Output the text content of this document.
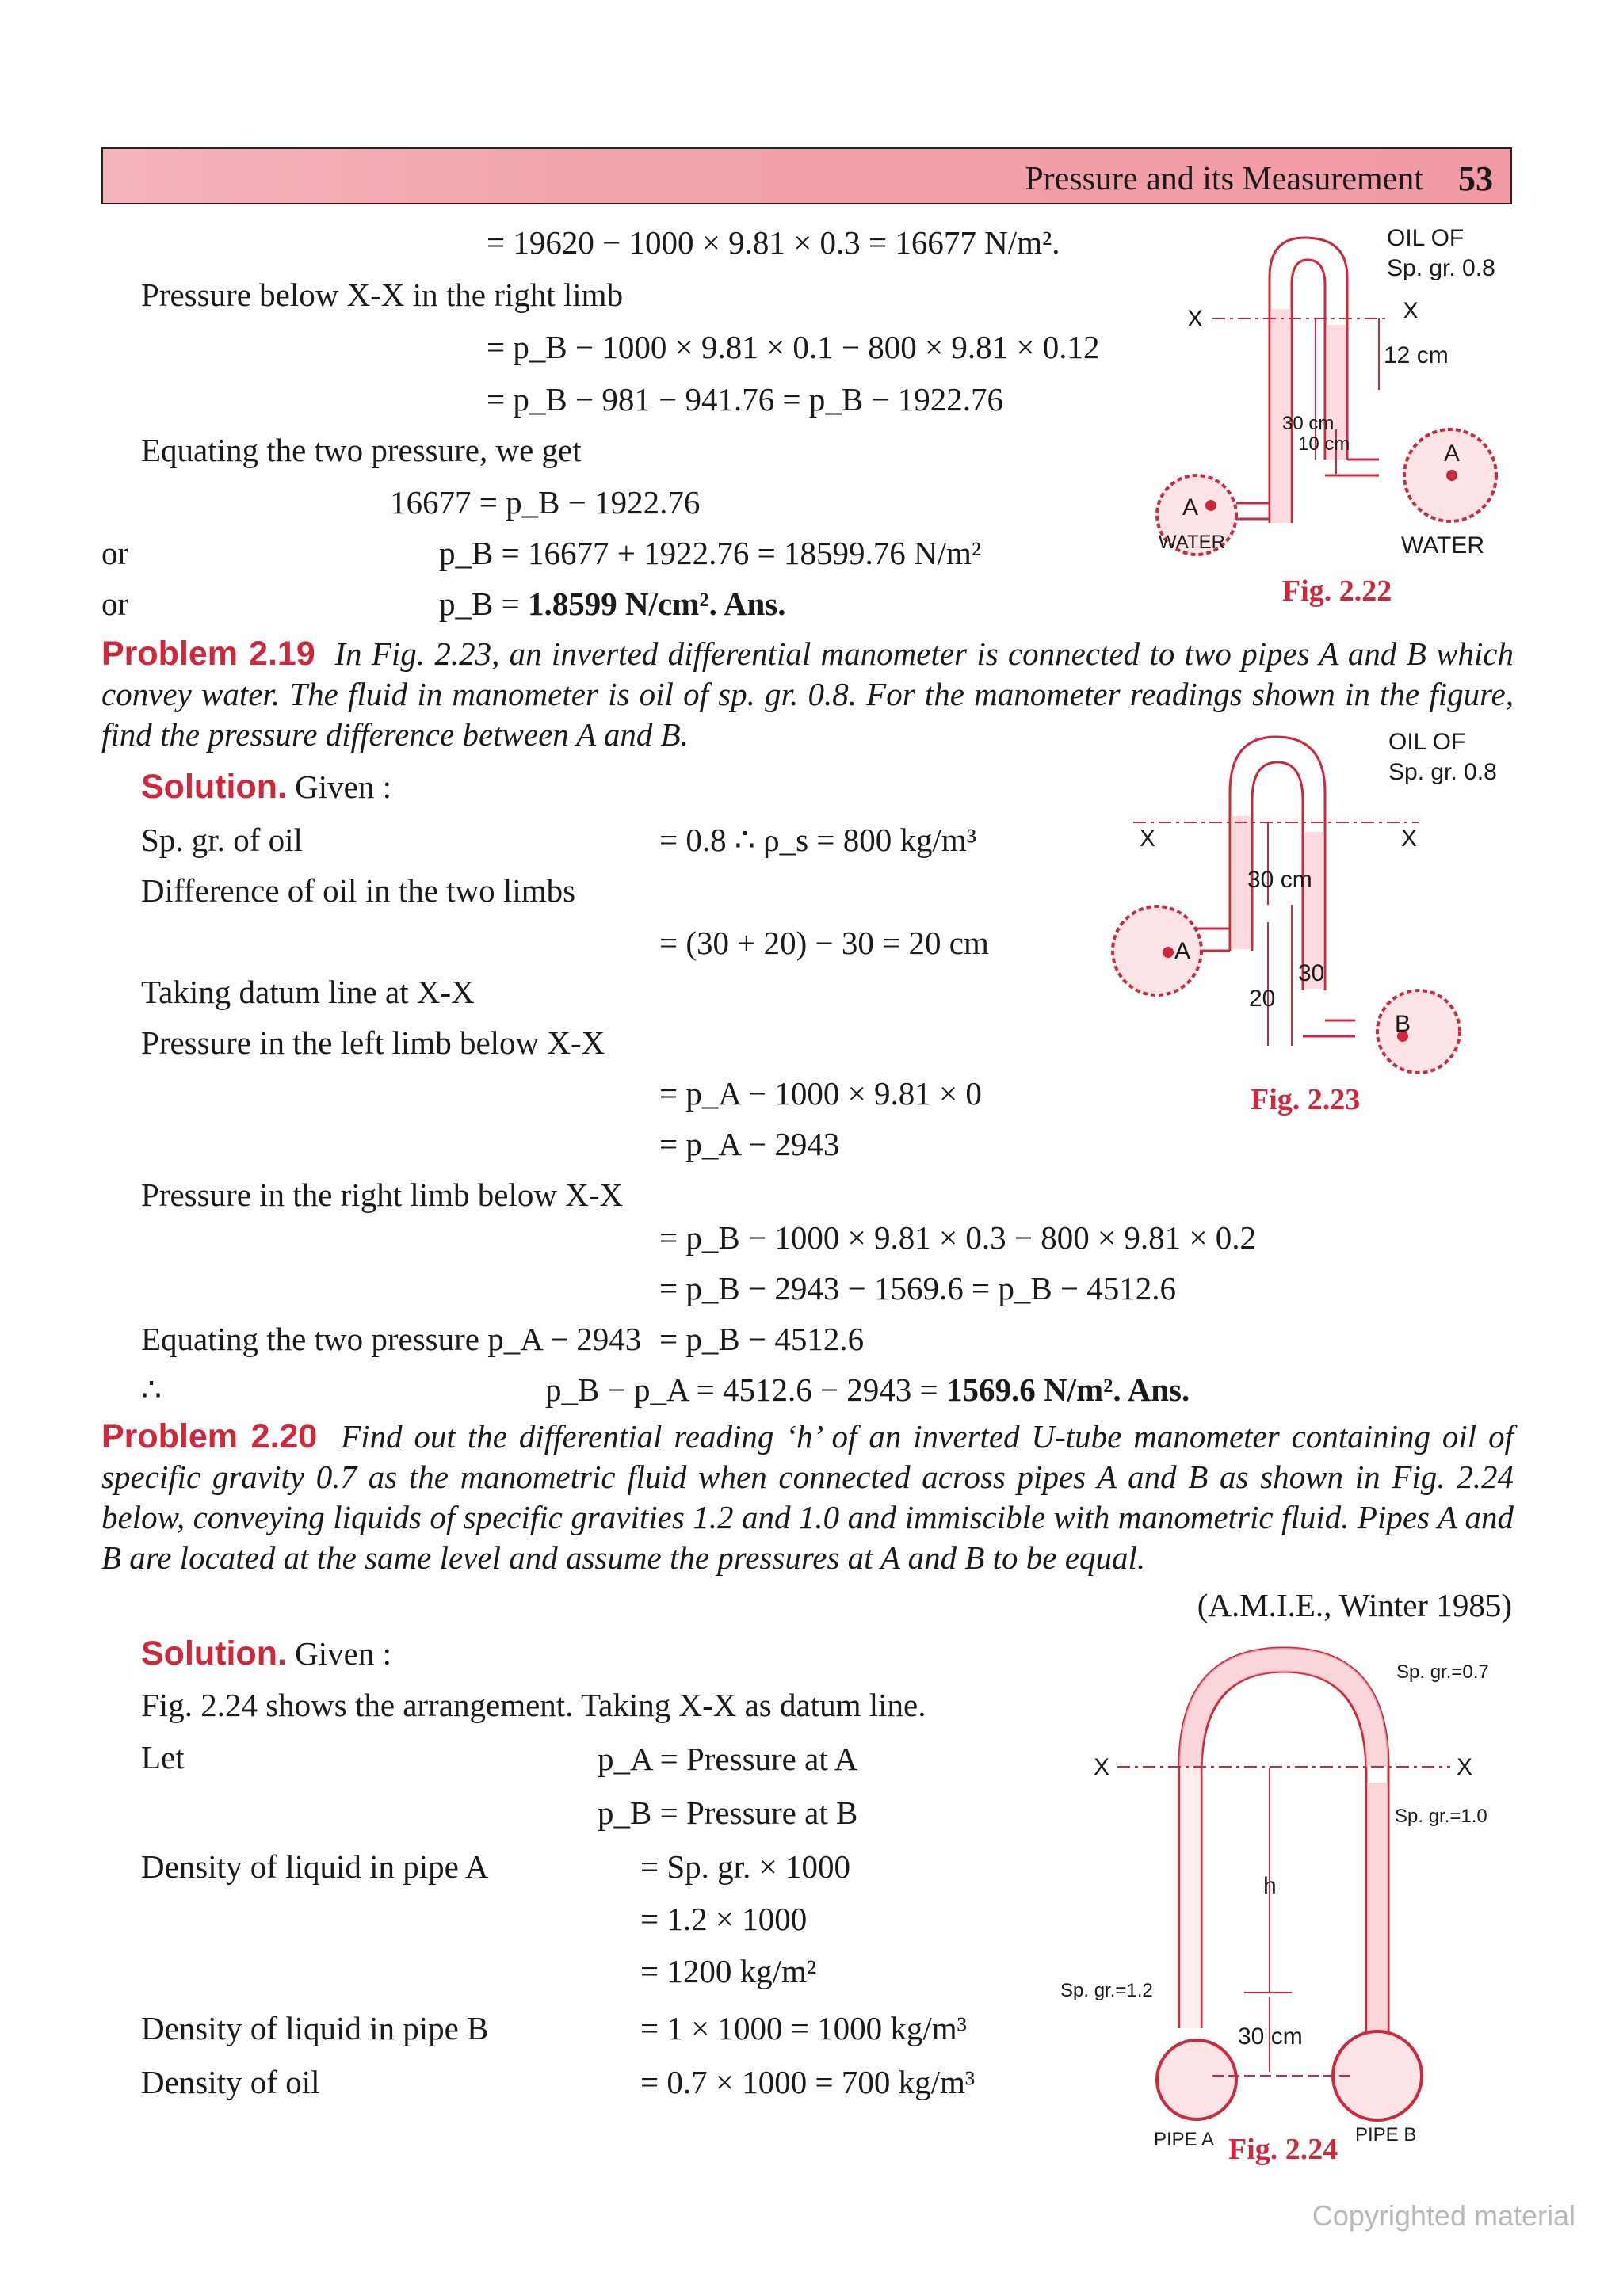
Pressure and its Measurement 53
= 19620 − 1000 × 9.81 × 0.3 = 16677 N/m².
Pressure below X-X in the right limb
= p_B − 1000 × 9.81 × 0.1 − 800 × 9.81 × 0.12
= p_B − 981 − 941.76 = p_B − 1922.76
Equating the two pressure, we get
16677 = p_B − 1922.76
or	p_B = 16677 + 1922.76 = 18599.76 N/m²
or	p_B = 1.8599 N/cm². Ans.
X	X
OIL OF
Sp. gr. 0.8
12 cm
30 cm
10 cm
A
A
WATER	WATER
Fig. 2.22
Problem 2.19 In Fig. 2.23, an inverted differential manometer is connected to two pipes A and B which convey water. The fluid in manometer is oil of sp. gr. 0.8. For the manometer readings shown in the figure, find the pressure difference between A and B.
Solution. Given :
Sp. gr. of oil	= 0.8 ∴ ρ_s = 800 kg/m³
Difference of oil in the two limbs
= (30 + 20) − 30 = 20 cm
Taking datum line at X-X
Pressure in the left limb below X-X
= p_A − 1000 × 9.81 × 0
= p_A − 2943
Pressure in the right limb below X-X
= p_B − 1000 × 9.81 × 0.3 − 800 × 9.81 × 0.2
= p_B − 2943 − 1569.6 = p_B − 4512.6
Equating the two pressure p_A − 2943 = p_B − 4512.6
∴	p_B − p_A = 4512.6 − 2943 = 1569.6 N/m². Ans.
X	X
OIL OF
Sp. gr. 0.8
30 cm
30
20
A
B
Fig. 2.23
Problem 2.20 Find out the differential reading ‘h’ of an inverted U-tube manometer containing oil of specific gravity 0.7 as the manometric fluid when connected across pipes A and B as shown in Fig. 2.24 below, conveying liquids of specific gravities 1.2 and 1.0 and immiscible with manometric fluid. Pipes A and B are located at the same level and assume the pressures at A and B to be equal.
(A.M.I.E., Winter 1985)
Solution. Given :
Fig. 2.24 shows the arrangement. Taking X-X as datum line.
Let	p_A = Pressure at A
p_B = Pressure at B
Density of liquid in pipe A	= Sp. gr. × 1000
= 1.2 × 1000
= 1200 kg/m²
Density of liquid in pipe B	= 1 × 1000 = 1000 kg/m³
Density of oil	= 0.7 × 1000 = 700 kg/m³
X	X
h
30 cm
Sp. gr.=0.7
Sp. gr.=1.0
Sp. gr.=1.2
PIPE A	PIPE B
Fig. 2.24
Copyrighted material
